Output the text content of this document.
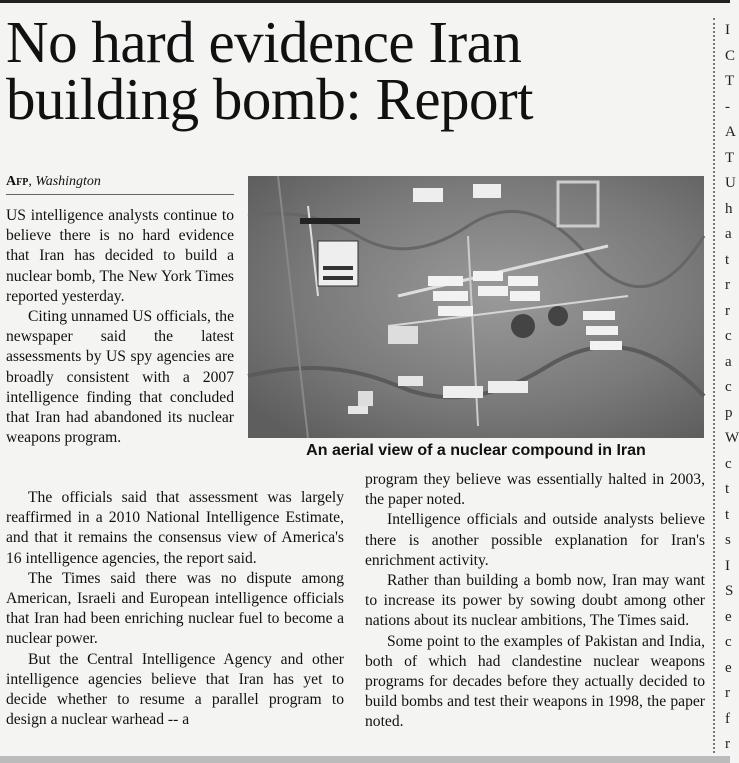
No hard evidence Iran
building bomb: Report
Afp, Washington
An aerial view of a nuclear compound in Iran

US intelligence analysts continue to believe there is no hard evidence that Iran has decided to build a nuclear bomb, The New York Times reported yesterday.

Citing unnamed US officials, the newspaper said the latest assessments by US spy agencies are broadly consistent with a 2007 intelligence finding that concluded that Iran had abandoned its nuclear weapons program.

The officials said that assessment was largely reaffirmed in a 2010 National Intelligence Estimate, and that it remains the consensus view of America's 16 intelligence agencies, the report said.

The Times said there was no dispute among American, Israeli and European intelligence officials that Iran had been enriching nuclear fuel to become a nuclear power.

But the Central Intelligence Agency and other intelligence agencies believe that Iran has yet to decide whether to resume a parallel program to design a nuclear warhead -- a

program they believe was essentially halted in 2003, the paper noted.

Intelligence officials and outside analysts believe there is another possible explanation for Iran's enrichment activity.

Rather than building a bomb now, Iran may want to increase its power by sowing doubt among other nations about its nuclear ambitions, The Times said.

Some point to the examples of Pakistan and India, both of which had clandestine nuclear weapons programs for decades before they actually decided to build bombs and test their weapons in 1998, the paper noted.

I
C
T
-
A
T
U
h
a
t
r
r
c
a
c
p
W
c
t
t
s
I
S
e
c
e
r
f
r
